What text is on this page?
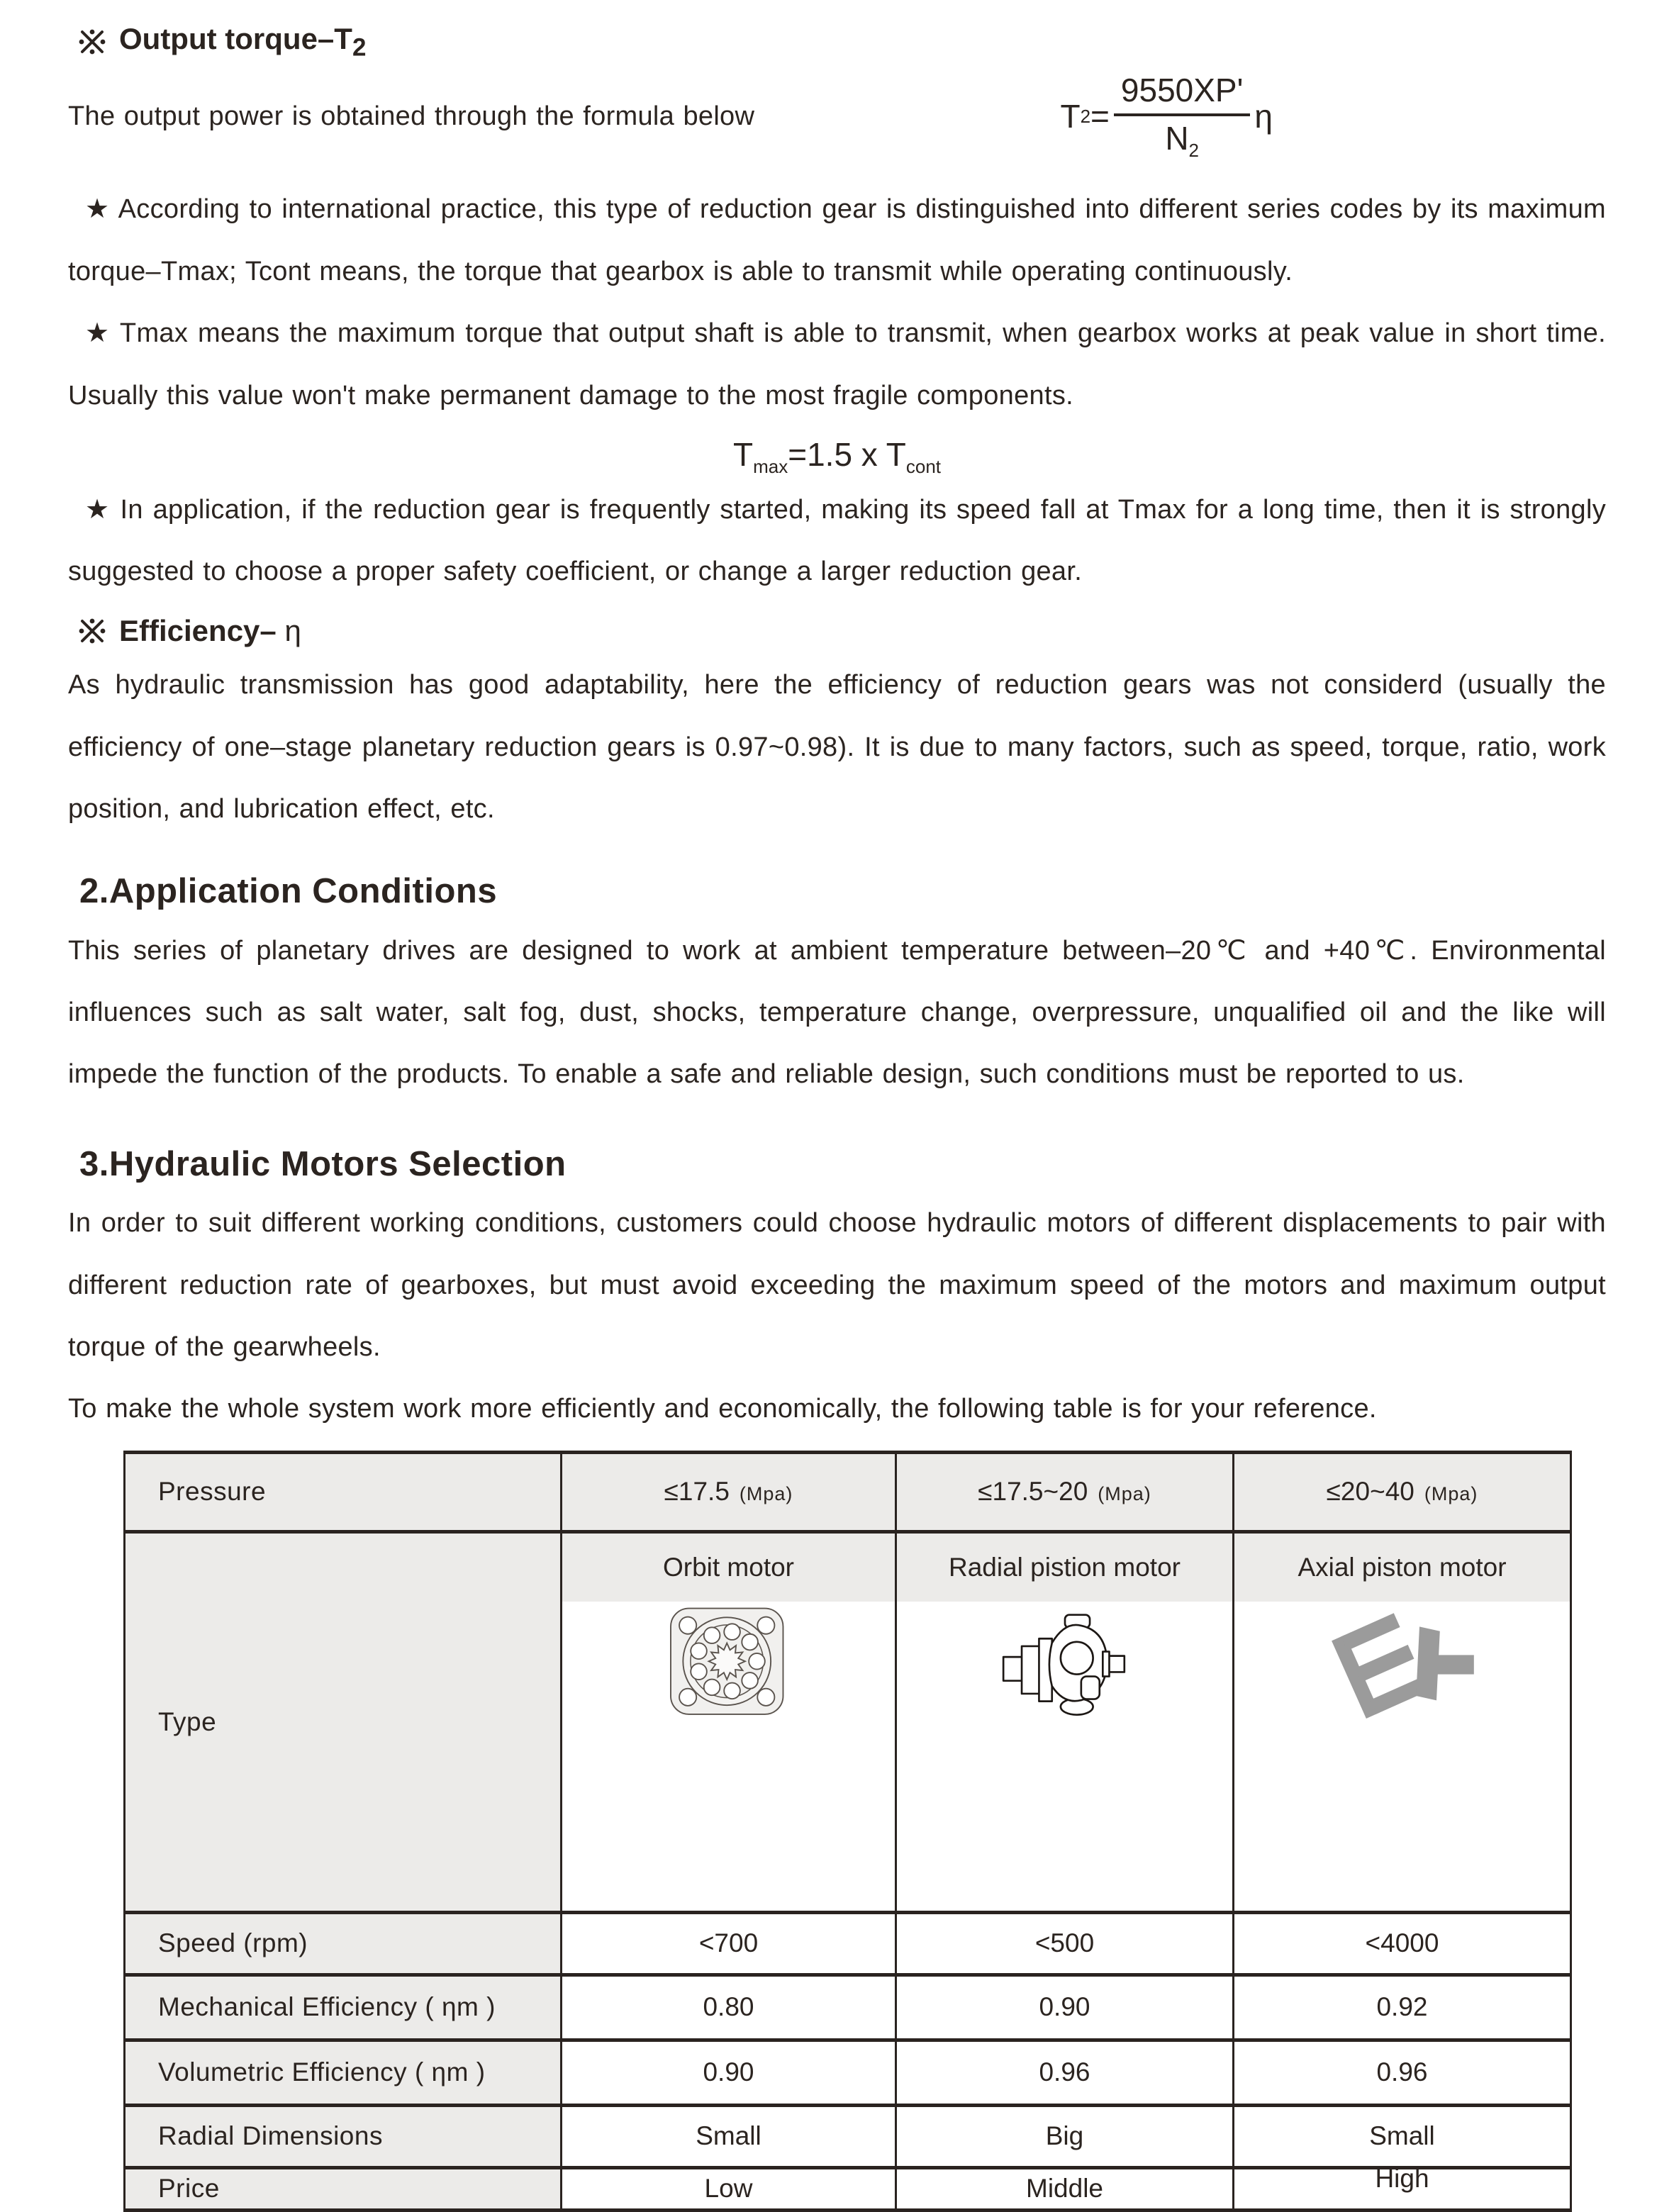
Output torque–$T_2$

The output power is obtained through the formula below	T $2 = \frac{9550XP'}{N_2}$ η

★ According to international practice, this type of reduction gear is distinguished into different series codes by its maximum torque–Tmax; Tcont means, the torque that gearbox is able to transmit while operating continuously.

★ Tmax means the maximum torque that output shaft is able to transmit, when gearbox works at peak value in short time. Usually this value won't make permanent damage to the most fragile components.

$T_{max}=1.5$ x $T_{cont}$

★ In application, if the reduction gear is frequently started, making its speed fall at Tmax for a long time, then it is strongly suggested to choose a proper safety coefficient, or change a larger reduction gear.

Efficiency– η

As hydraulic transmission has good adaptability, here the efficiency of reduction gears was not considerd (usually the efficiency of one–stage planetary reduction gears is 0.97~0.98). It is due to many factors, such as speed, torque, ratio, work position, and lubrication effect, etc.

2.Application Conditions

This series of planetary drives are designed to work at ambient temperature between–20℃ and +40℃. Environmental influences such as salt water, salt fog, dust, shocks, temperature change, overpressure, unqualified oil and the like will impede the function of the products. To enable a safe and reliable design, such conditions must be reported to us.

3.Hydraulic Motors Selection

In order to suit different working conditions, customers could choose hydraulic motors of different displacements to pair with different reduction rate of gearboxes, but must avoid exceeding the maximum speed of the motors and maximum output torque of the gearwheels.

To make the whole system work more efficiently and economically, the following table is for your reference.

Pressure	≤17.5 (Mpa)	≤17.5~20 (Mpa)	≤20~40 (Mpa)
Type	Orbit motor	Radial pistion motor	Axial piston motor

Speed (rpm)	<700	<500	<4000
Mechanical Efficiency ( ηm )	0.80	0.90	0.92
Volumetric Efficiency ( ηm )	0.90	0.96	0.96
Radial Dimensions	Small	Big	Small
Price	Low	Middle	High
